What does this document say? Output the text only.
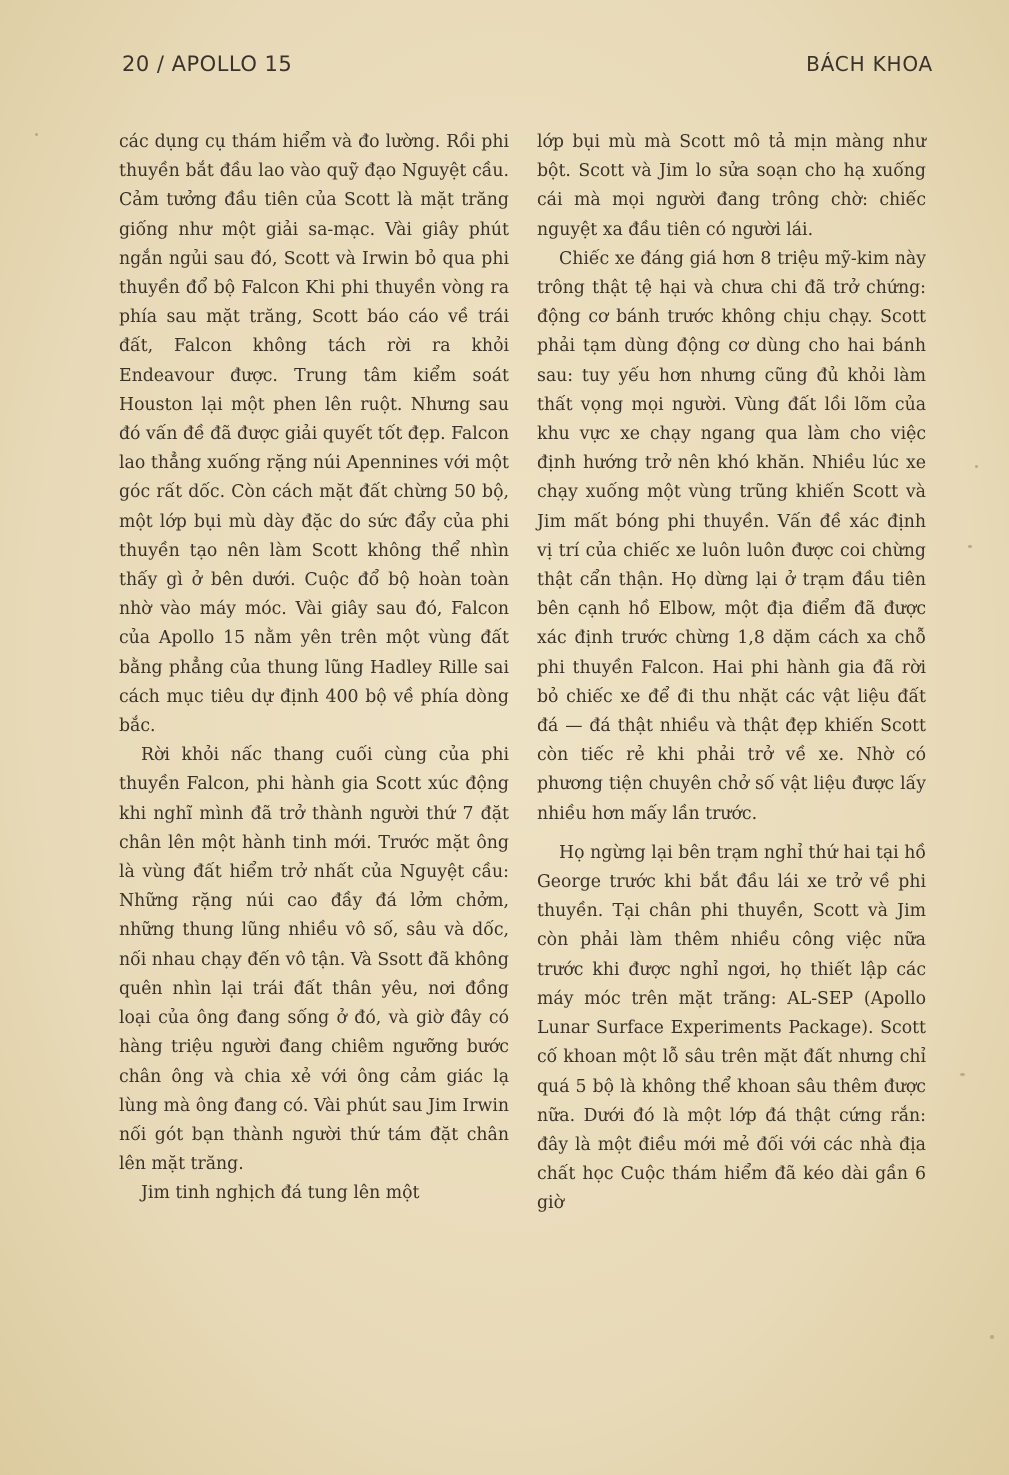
20 / APOLLO 15	BÁCH KHOA

các dụng cụ thám hiểm và đo lường. Rồi phi thuyền bắt đầu lao vào quỹ đạo Nguyệt cầu. Cảm tưởng đầu tiên của Scott là mặt trăng giống như một giải sa-mạc. Vài giây phút ngắn ngủi sau đó, Scott và Irwin bỏ qua phi thuyền đổ bộ Falcon Khi phi thuyền vòng ra phía sau mặt trăng, Scott báo cáo về trái đất, Falcon không tách rời ra khỏi Endeavour được. Trung tâm kiểm soát Houston lại một phen lên ruột. Nhưng sau đó vấn đề đã được giải quyết tốt đẹp. Falcon lao thẳng xuống rặng núi Apennines với một góc rất dốc. Còn cách mặt đất chừng 50 bộ, một lớp bụi mù dày đặc do sức đẩy của phi thuyền tạo nên làm Scott không thể nhìn thấy gì ở bên dưới. Cuộc đổ bộ hoàn toàn nhờ vào máy móc. Vài giây sau đó, Falcon của Apollo 15 nằm yên trên một vùng đất bằng phẳng của thung lũng Hadley Rille sai cách mục tiêu dự định 400 bộ về phía dòng bắc.

Rời khỏi nấc thang cuối cùng của phi thuyền Falcon, phi hành gia Scott xúc động khi nghĩ mình đã trở thành người thứ 7 đặt chân lên một hành tinh mới. Trước mặt ông là vùng đất hiểm trở nhất của Nguyệt cầu: Những rặng núi cao đầy đá lởm chởm, những thung lũng nhiều vô số, sâu và dốc, nối nhau chạy đến vô tận. Và Ssott đã không quên nhìn lại trái đất thân yêu, nơi đồng loại của ông đang sống ở đó, và giờ đây có hàng triệu người đang chiêm ngưỡng bước chân ông và chia xẻ với ông cảm giác lạ lùng mà ông đang có. Vài phút sau Jim Irwin nối gót bạn thành người thứ tám đặt chân lên mặt trăng.

Jim tinh nghịch đá tung lên một

lớp bụi mù mà Scott mô tả mịn màng như bột. Scott và Jim lo sửa soạn cho hạ xuống cái mà mọi người đang trông chờ: chiếc nguyệt xa đầu tiên có người lái.

Chiếc xe đáng giá hơn 8 triệu mỹ-kim này trông thật tệ hại và chưa chi đã trở chứng: động cơ bánh trước không chịu chạy. Scott phải tạm dùng động cơ dùng cho hai bánh sau: tuy yếu hơn nhưng cũng đủ khỏi làm thất vọng mọi người. Vùng đất lồi lõm của khu vực xe chạy ngang qua làm cho việc định hướng trở nên khó khăn. Nhiều lúc xe chạy xuống một vùng trũng khiến Scott và Jim mất bóng phi thuyền. Vấn đề xác định vị trí của chiếc xe luôn luôn được coi chừng thật cẩn thận. Họ dừng lại ở trạm đầu tiên bên cạnh hồ Elbow, một địa điểm đã được xác định trước chừng 1,8 dặm cách xa chỗ phi thuyền Falcon. Hai phi hành gia đã rời bỏ chiếc xe để đi thu nhặt các vật liệu đất đá — đá thật nhiều và thật đẹp khiến Scott còn tiếc rẻ khi phải trở về xe. Nhờ có phương tiện chuyên chở số vật liệu được lấy nhiều hơn mấy lần trước.

Họ ngừng lại bên trạm nghỉ thứ hai tại hồ George trước khi bắt đầu lái xe trở về phi thuyền. Tại chân phi thuyền, Scott và Jim còn phải làm thêm nhiều công việc nữa trước khi được nghỉ ngơi, họ thiết lập các máy móc trên mặt trăng: AL-SEP (Apollo Lunar Surface Experiments Package). Scott cố khoan một lỗ sâu trên mặt đất nhưng chỉ quá 5 bộ là không thể khoan sâu thêm được nữa. Dưới đó là một lớp đá thật cứng rắn: đây là một điều mới mẻ đối với các nhà địa chất học Cuộc thám hiểm đã kéo dài gần 6 giờ
